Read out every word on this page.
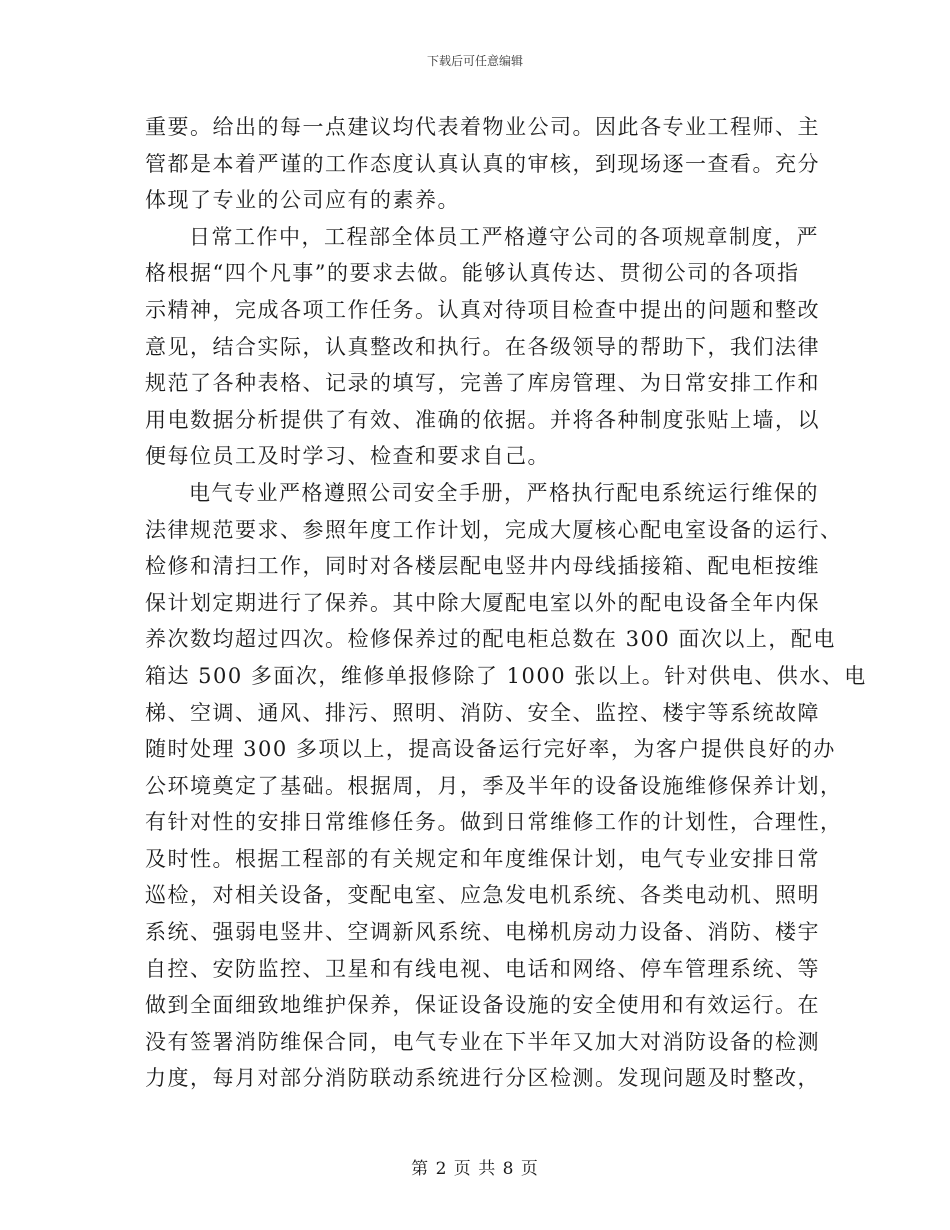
下载后可任意编辑
重要。给出的每一点建议均代表着物业公司。因此各专业工程师、主
管都是本着严谨的工作态度认真认真的审核，到现场逐一查看。充分
体现了专业的公司应有的素养。
日常工作中，工程部全体员工严格遵守公司的各项规章制度，严
格根据“四个凡事”的要求去做。能够认真传达、贯彻公司的各项指
示精神，完成各项工作任务。认真对待项目检查中提出的问题和整改
意见，结合实际，认真整改和执行。在各级领导的帮助下，我们法律
规范了各种表格、记录的填写，完善了库房管理、为日常安排工作和
用电数据分析提供了有效、准确的依据。并将各种制度张贴上墙，以
便每位员工及时学习、检查和要求自己。
电气专业严格遵照公司安全手册，严格执行配电系统运行维保的
法律规范要求、参照年度工作计划，完成大厦核心配电室设备的运行、
检修和清扫工作，同时对各楼层配电竖井内母线插接箱、配电柜按维
保计划定期进行了保养。其中除大厦配电室以外的配电设备全年内保
养次数均超过四次。检修保养过的配电柜总数在 300 面次以上，配电
箱达 500 多面次，维修单报修除了 1000 张以上。针对供电、供水、电
梯、空调、通风、排污、照明、消防、安全、监控、楼宇等系统故障
随时处理 300 多项以上，提高设备运行完好率，为客户提供良好的办
公环境奠定了基础。根据周，月，季及半年的设备设施维修保养计划，
有针对性的安排日常维修任务。做到日常维修工作的计划性，合理性，
及时性。根据工程部的有关规定和年度维保计划，电气专业安排日常
巡检，对相关设备，变配电室、应急发电机系统、各类电动机、照明
系统、强弱电竖井、空调新风系统、电梯机房动力设备、消防、楼宇
自控、安防监控、卫星和有线电视、电话和网络、停车管理系统、等
做到全面细致地维护保养，保证设备设施的安全使用和有效运行。在
没有签署消防维保合同，电气专业在下半年又加大对消防设备的检测
力度，每月对部分消防联动系统进行分区检测。发现问题及时整改，
第 2 页 共 8 页
